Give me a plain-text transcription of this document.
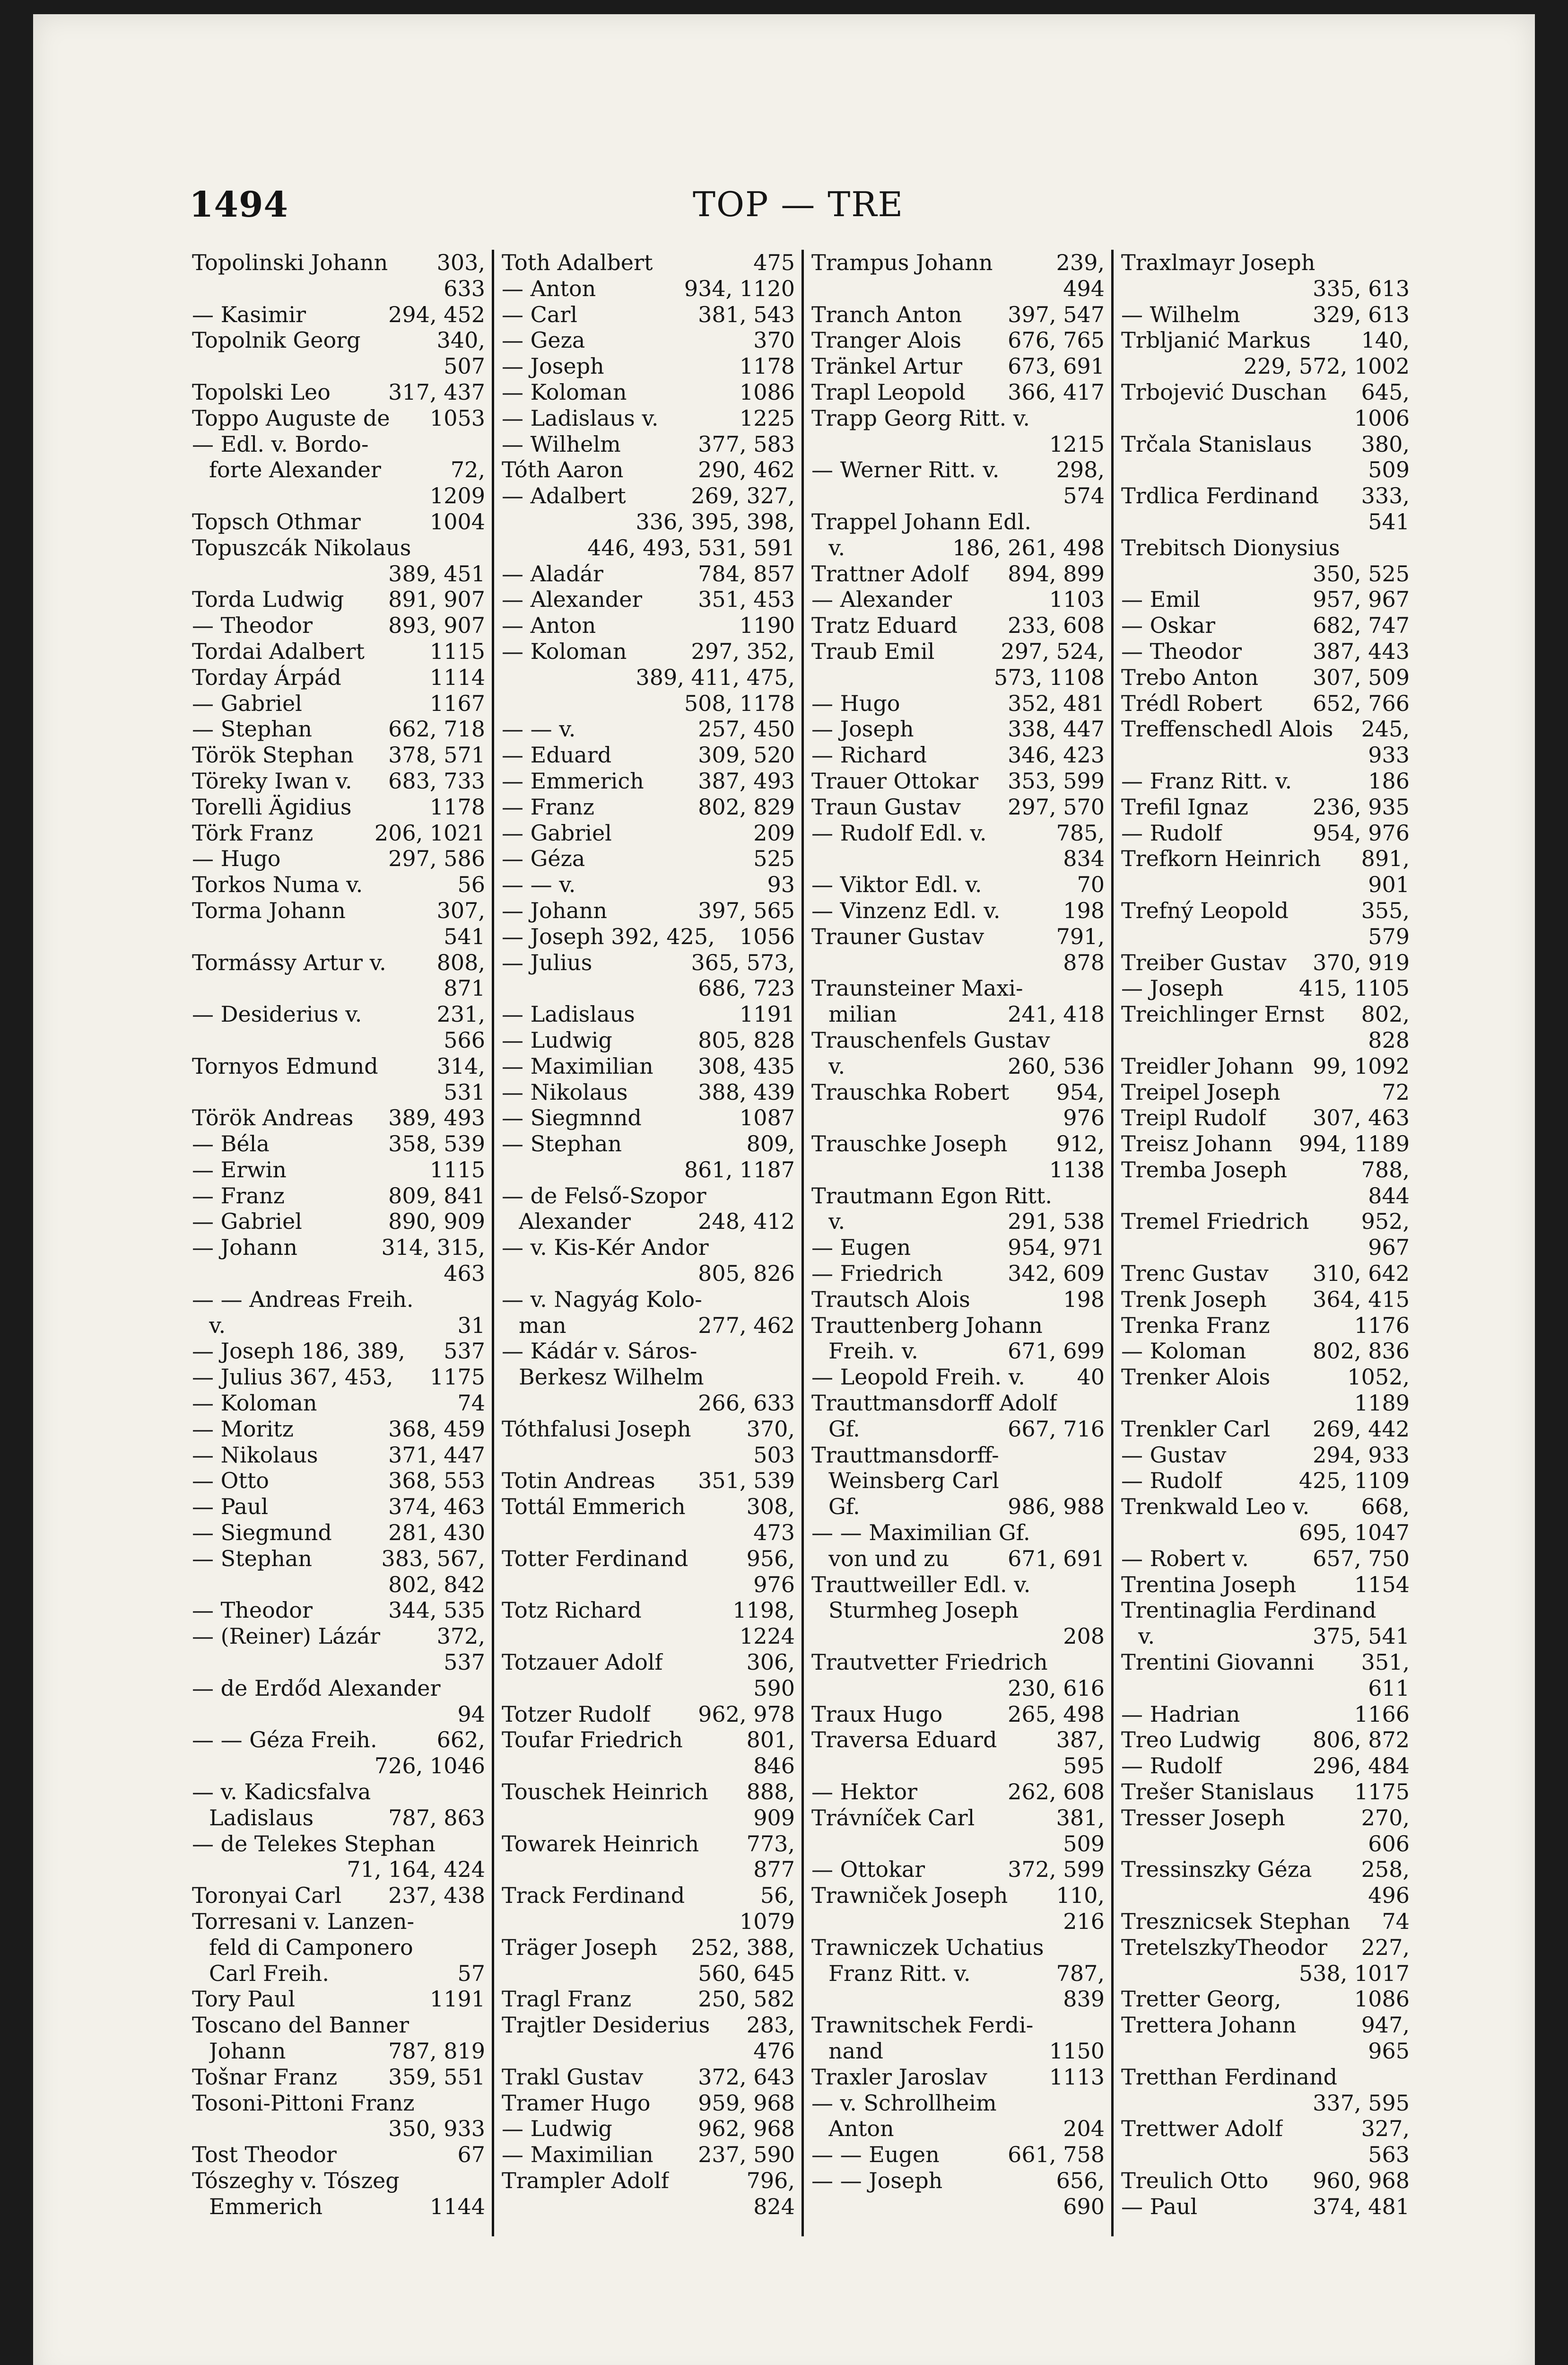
1494	TOP — TRE
Topolinski Johann 303,
633
— Kasimir	294, 452
Topolnik Georg	340,
507
Topolski Leo	317, 437
Toppo Auguste de 1053
— Edl. v. Bordo-
forte Alexander	72,
1209
Topsch Othmar	1004
Topuszcák Nikolaus
389, 451
Torda Ludwig 891, 907
— Theodor	893, 907
Tordai Adalbert	1115
Torday Árpád	1114
— Gabriel	1167
— Stephan	662, 718
Török Stephan 378, 571
Töreky Iwan v. 683, 733
Torelli Ägidius	1178
Törk Franz	206, 1021
— Hugo	297, 586
Torkos Numa v.	56
Torma Johann	307,
541
Tormássy Artur v. 808,
871
— Desiderius v.	231,
566
Tornyos Edmund	314,
531
Török Andreas 389, 493
— Béla	358, 539
— Erwin	1115
— Franz	809, 841
— Gabriel	890, 909
— Johann	314, 315,
463
— — Andreas Freih.
v.	31
— Joseph 186, 389, 537
— Julius 367, 453, 1175
— Koloman	74
— Moritz	368, 459
— Nikolaus	371, 447
— Otto	368, 553
— Paul	374, 463
— Siegmund	281, 430
— Stephan	383, 567,
802, 842
— Theodor	344, 535
— (Reiner) Lázár	372,
537
— de Erdőd Alexander
94
— — Géza Freih.	662,
726, 1046
— v. Kadicsfalva
Ladislaus	787, 863
— de Telekes Stephan
71, 164, 424
Toronyai Carl 237, 438
Torresani v. Lanzen-
feld di Camponero
Carl Freih.	57
Tory Paul	1191
Toscano del Banner
Johann	787, 819
Tošnar Franz 359, 551
Tosoni-Pittoni Franz
350, 933
Tost Theodor	67
Tószeghy v. Tószeg
Emmerich	1144
Toth Adalbert	475
— Anton	934, 1120
— Carl	381, 543
— Geza	370
— Joseph	1178
— Koloman	1086
— Ladislaus v.	1225
— Wilhelm	377, 583
Tóth Aaron	290, 462
— Adalbert	269, 327,
336, 395, 398,
446, 493, 531, 591
— Aladár	784, 857
— Alexander	351, 453
— Anton	1190
— Koloman	297, 352,
389, 411, 475,
508, 1178
— — v.	257, 450
— Eduard	309, 520
— Emmerich 387, 493
— Franz	802, 829
— Gabriel	209
— Géza	525
— — v.	93
— Johann	397, 565
— Joseph 392, 425, 1056
— Julius	365, 573,
686, 723
— Ladislaus	1191
— Ludwig	805, 828
— Maximilian 308, 435
— Nikolaus	388, 439
— Siegmnnd	1087
— Stephan	809,
861, 1187
— de Felső-Szopor
Alexander	248, 412
— v. Kis-Kér Andor
805, 826
— v. Nagyág Kolo-
man	277, 462
— Kádár v. Sáros-
Berkesz Wilhelm
266, 633
Tóthfalusi Joseph	370,
503
Totin Andreas 351, 539
Tottál Emmerich	308,
473
Totter Ferdinand	956,
976
Totz Richard	1198,
1224
Totzauer Adolf	306,
590
Totzer Rudolf 962, 978
Toufar Friedrich	801,
846
Touschek Heinrich 888,
909
Towarek Heinrich 773,
877
Track Ferdinand	56,
1079
Träger Joseph 252, 388,
560, 645
Tragl Franz	250, 582
Trajtler Desiderius 283,
476
Trakl Gustav	372, 643
Tramer Hugo 959, 968
— Ludwig	962, 968
— Maximilian 237, 590
Trampler Adolf	796,
824
Trampus Johann	239,
494
Tranch Anton 397, 547
Tranger Alois 676, 765
Tränkel Artur 673, 691
Trapl Leopold 366, 417
Trapp Georg Ritt. v.
1215
— Werner Ritt. v.	298,
574
Trappel Johann Edl.
v.	186, 261, 498
Trattner Adolf 894, 899
— Alexander	1103
Tratz Eduard 233, 608
Traub Emil	297, 524,
573, 1108
— Hugo	352, 481
— Joseph	338, 447
— Richard	346, 423
Trauer Ottokar 353, 599
Traun Gustav 297, 570
— Rudolf Edl. v.	785,
834
— Viktor Edl. v.	70
— Vinzenz Edl. v.	198
Trauner Gustav	791,
878
Traunsteiner Maxi-
milian	241, 418
Trauschenfels Gustav
v.	260, 536
Trauschka Robert 954,
976
Trauschke Joseph 912,
1138
Trautmann Egon Ritt.
v.	291, 538
— Eugen	954, 971
— Friedrich	342, 609
Trautsch Alois	198
Trauttenberg Johann
Freih. v.	671, 699
— Leopold Freih. v. 40
Trauttmansdorff Adolf
Gf.	667, 716
Trauttmansdorff-
Weinsberg Carl
Gf.	986, 988
— — Maximilian Gf.
von und zu	671, 691
Trauttweiller Edl. v.
Sturmheg Joseph
208
Trautvetter Friedrich
230, 616
Traux Hugo	265, 498
Traversa Eduard	387,
595
— Hektor	262, 608
Trávníček Carl	381,
509
— Ottokar	372, 599
Trawniček Joseph 110,
216
Trawniczek Uchatius
Franz Ritt. v.	787,
839
Trawnitschek Ferdi-
nand	1150
Traxler Jaroslav	1113
— v. Schrollheim
Anton	204
— — Eugen	661, 758
— — Joseph	656,
690
Traxlmayr Joseph
335, 613
— Wilhelm	329, 613
Trbljanić Markus 140,
229, 572, 1002
Trbojević Duschan 645,
1006
Trčala Stanislaus 380,
509
Trdlica Ferdinand 333,
541
Trebitsch Dionysius
350, 525
— Emil	957, 967
— Oskar	682, 747
— Theodor	387, 443
Trebo Anton 307, 509
Trédl Robert 652, 766
Treffenschedl Alois 245,
933
— Franz Ritt. v.	186
Trefil Ignaz	236, 935
— Rudolf	954, 976
Trefkorn Heinrich 891,
901
Trefný Leopold	355,
579
Treiber Gustav 370, 919
— Joseph	415, 1105
Treichlinger Ernst 802,
828
Treidler Johann 99, 1092
Treipel Joseph	72
Treipl Rudolf 307, 463
Treisz Johann 994, 1189
Tremba Joseph	788,
844
Tremel Friedrich 952,
967
Trenc Gustav 310, 642
Trenk Joseph 364, 415
Trenka Franz	1176
— Koloman	802, 836
Trenker Alois	1052,
1189
Trenkler Carl 269, 442
— Gustav	294, 933
— Rudolf	425, 1109
Trenkwald Leo v. 668,
695, 1047
— Robert v.	657, 750
Trentina Joseph	1154
Trentinaglia Ferdinand
v.	375, 541
Trentini Giovanni 351,
611
— Hadrian	1166
Treo Ludwig 806, 872
— Rudolf	296, 484
Trešer Stanislaus 1175
Tresser Joseph	270,
606
Tressinszky Géza 258,
496
Tresznicsek Stephan 74
TretelszkyTheodor 227,
538, 1017
Tretter Georg,	1086
Trettera Johann	947,
965
Tretthan Ferdinand
337, 595
Trettwer Adolf	327,
563
Treulich Otto 960, 968
— Paul	374, 481
